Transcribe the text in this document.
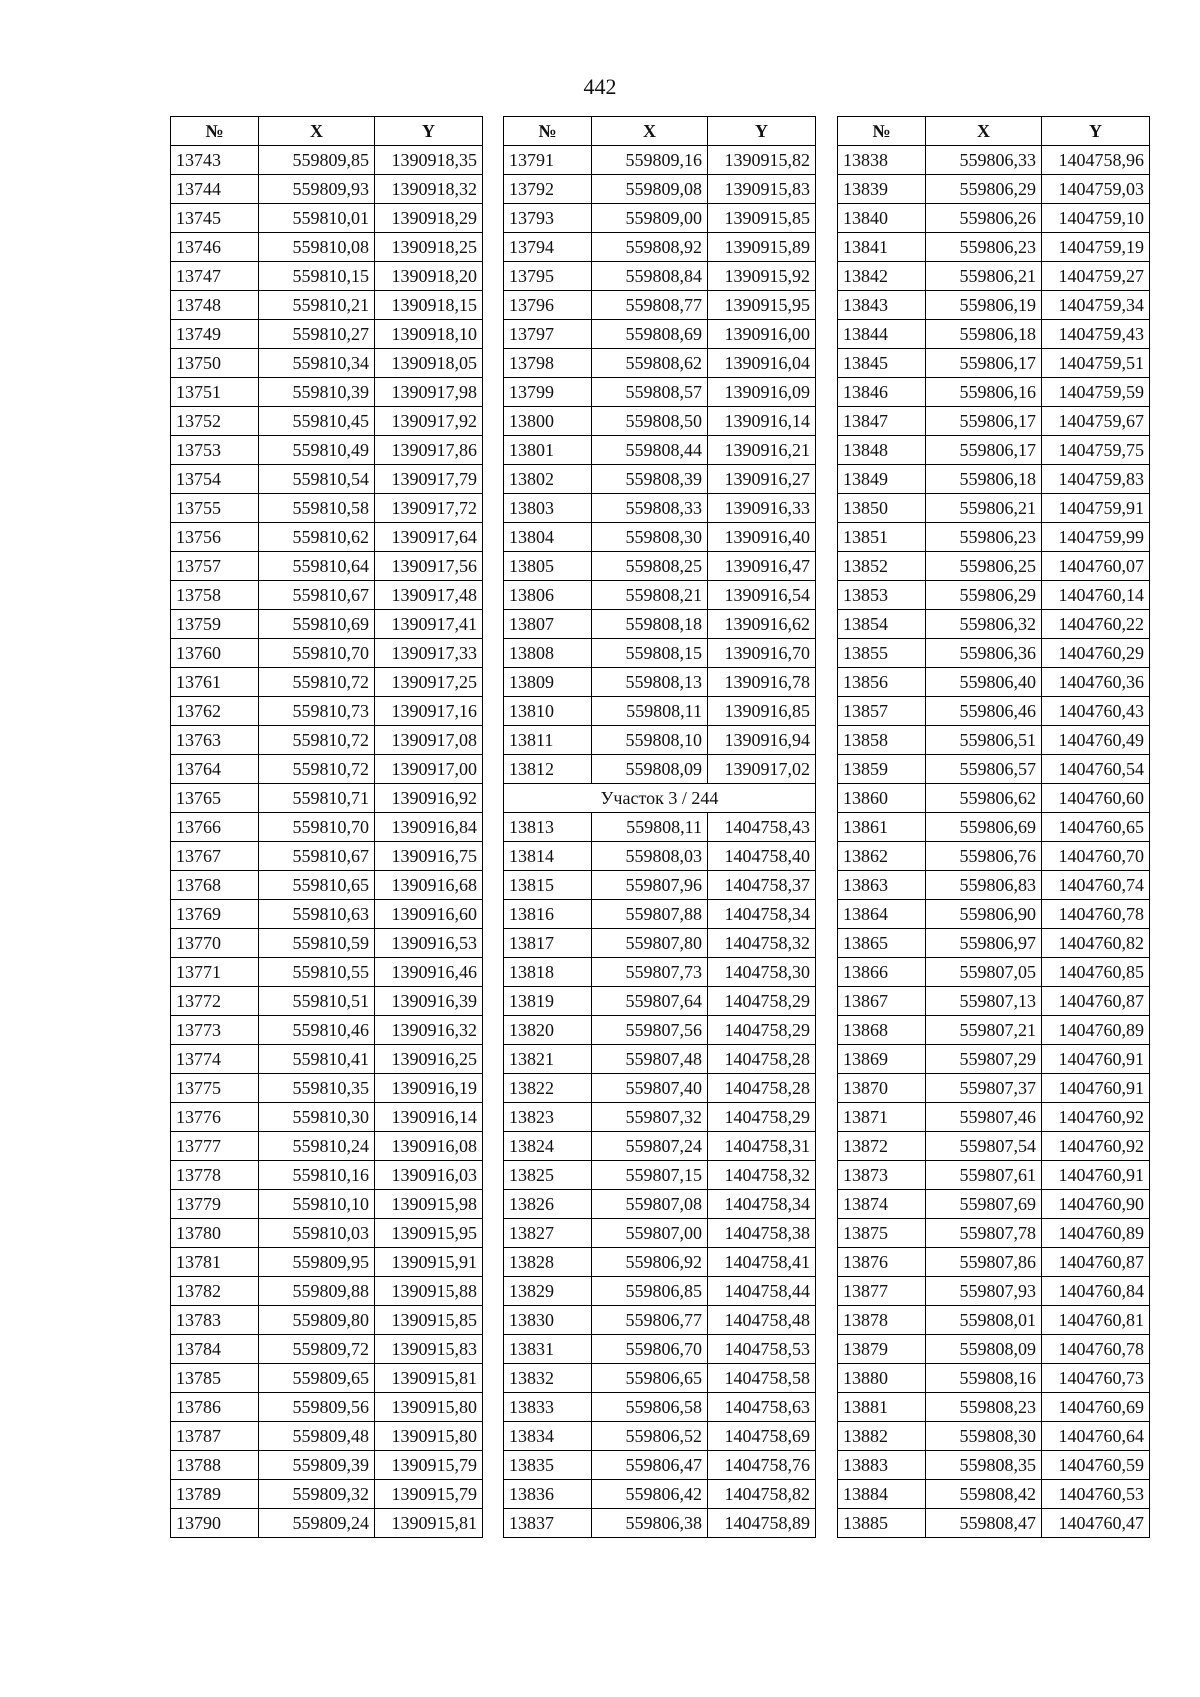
442
№	X	Y
13743	559809,85	1390918,35
13744	559809,93	1390918,32
13745	559810,01	1390918,29
13746	559810,08	1390918,25
13747	559810,15	1390918,20
13748	559810,21	1390918,15
13749	559810,27	1390918,10
13750	559810,34	1390918,05
13751	559810,39	1390917,98
13752	559810,45	1390917,92
13753	559810,49	1390917,86
13754	559810,54	1390917,79
13755	559810,58	1390917,72
13756	559810,62	1390917,64
13757	559810,64	1390917,56
13758	559810,67	1390917,48
13759	559810,69	1390917,41
13760	559810,70	1390917,33
13761	559810,72	1390917,25
13762	559810,73	1390917,16
13763	559810,72	1390917,08
13764	559810,72	1390917,00
13765	559810,71	1390916,92
13766	559810,70	1390916,84
13767	559810,67	1390916,75
13768	559810,65	1390916,68
13769	559810,63	1390916,60
13770	559810,59	1390916,53
13771	559810,55	1390916,46
13772	559810,51	1390916,39
13773	559810,46	1390916,32
13774	559810,41	1390916,25
13775	559810,35	1390916,19
13776	559810,30	1390916,14
13777	559810,24	1390916,08
13778	559810,16	1390916,03
13779	559810,10	1390915,98
13780	559810,03	1390915,95
13781	559809,95	1390915,91
13782	559809,88	1390915,88
13783	559809,80	1390915,85
13784	559809,72	1390915,83
13785	559809,65	1390915,81
13786	559809,56	1390915,80
13787	559809,48	1390915,80
13788	559809,39	1390915,79
13789	559809,32	1390915,79
13790	559809,24	1390915,81
№	X	Y
13791	559809,16	1390915,82
13792	559809,08	1390915,83
13793	559809,00	1390915,85
13794	559808,92	1390915,89
13795	559808,84	1390915,92
13796	559808,77	1390915,95
13797	559808,69	1390916,00
13798	559808,62	1390916,04
13799	559808,57	1390916,09
13800	559808,50	1390916,14
13801	559808,44	1390916,21
13802	559808,39	1390916,27
13803	559808,33	1390916,33
13804	559808,30	1390916,40
13805	559808,25	1390916,47
13806	559808,21	1390916,54
13807	559808,18	1390916,62
13808	559808,15	1390916,70
13809	559808,13	1390916,78
13810	559808,11	1390916,85
13811	559808,10	1390916,94
13812	559808,09	1390917,02
Участок 3 / 244		
13813	559808,11	1404758,43
13814	559808,03	1404758,40
13815	559807,96	1404758,37
13816	559807,88	1404758,34
13817	559807,80	1404758,32
13818	559807,73	1404758,30
13819	559807,64	1404758,29
13820	559807,56	1404758,29
13821	559807,48	1404758,28
13822	559807,40	1404758,28
13823	559807,32	1404758,29
13824	559807,24	1404758,31
13825	559807,15	1404758,32
13826	559807,08	1404758,34
13827	559807,00	1404758,38
13828	559806,92	1404758,41
13829	559806,85	1404758,44
13830	559806,77	1404758,48
13831	559806,70	1404758,53
13832	559806,65	1404758,58
13833	559806,58	1404758,63
13834	559806,52	1404758,69
13835	559806,47	1404758,76
13836	559806,42	1404758,82
13837	559806,38	1404758,89
№	X	Y
13838	559806,33	1404758,96
13839	559806,29	1404759,03
13840	559806,26	1404759,10
13841	559806,23	1404759,19
13842	559806,21	1404759,27
13843	559806,19	1404759,34
13844	559806,18	1404759,43
13845	559806,17	1404759,51
13846	559806,16	1404759,59
13847	559806,17	1404759,67
13848	559806,17	1404759,75
13849	559806,18	1404759,83
13850	559806,21	1404759,91
13851	559806,23	1404759,99
13852	559806,25	1404760,07
13853	559806,29	1404760,14
13854	559806,32	1404760,22
13855	559806,36	1404760,29
13856	559806,40	1404760,36
13857	559806,46	1404760,43
13858	559806,51	1404760,49
13859	559806,57	1404760,54
13860	559806,62	1404760,60
13861	559806,69	1404760,65
13862	559806,76	1404760,70
13863	559806,83	1404760,74
13864	559806,90	1404760,78
13865	559806,97	1404760,82
13866	559807,05	1404760,85
13867	559807,13	1404760,87
13868	559807,21	1404760,89
13869	559807,29	1404760,91
13870	559807,37	1404760,91
13871	559807,46	1404760,92
13872	559807,54	1404760,92
13873	559807,61	1404760,91
13874	559807,69	1404760,90
13875	559807,78	1404760,89
13876	559807,86	1404760,87
13877	559807,93	1404760,84
13878	559808,01	1404760,81
13879	559808,09	1404760,78
13880	559808,16	1404760,73
13881	559808,23	1404760,69
13882	559808,30	1404760,64
13883	559808,35	1404760,59
13884	559808,42	1404760,53
13885	559808,47	1404760,47
